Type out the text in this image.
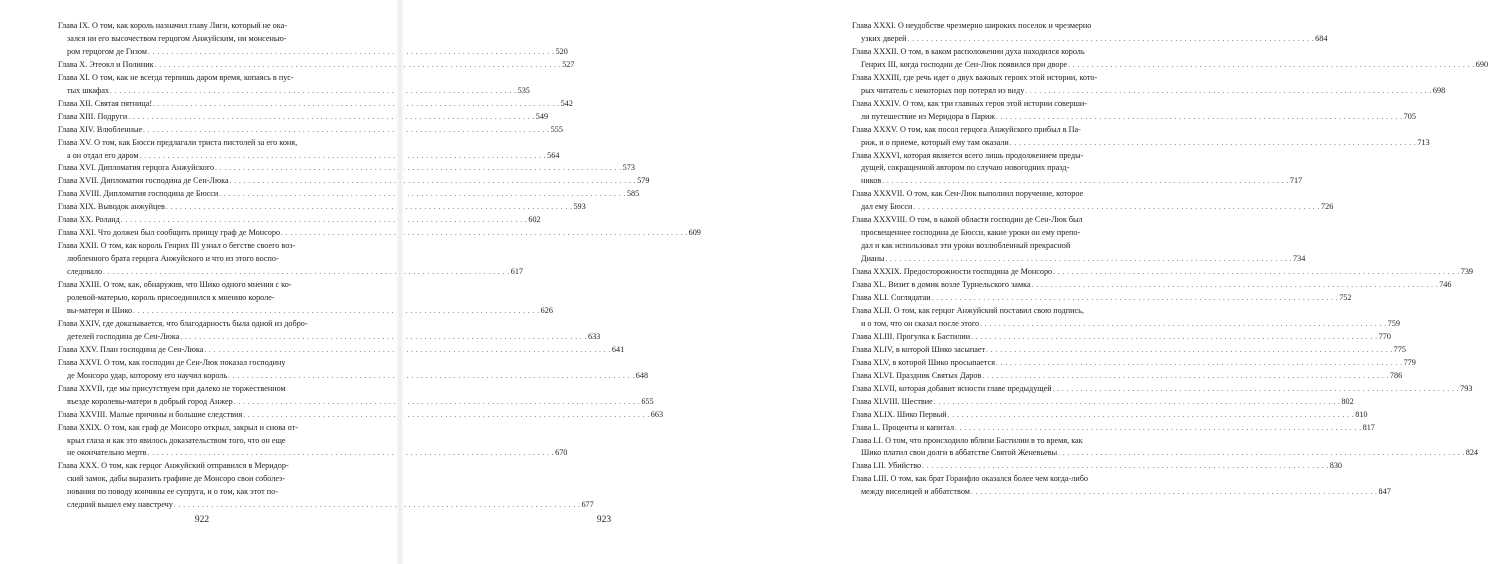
Глава IX. О том, как король назначил главу Лиги, который не ока-
зался ни его высочеством герцогом Анжуйским, ни монсенью-
ром герцогом де Гизом . . .	520
Глава X. Этеокл и Полиник . . .	527
Глава XI. О том, как не всегда терпишь даром время, копаясь в пус-
тых шкафах . . .	535
Глава XII. Святая пятница! . . .	542
Глава XIII. Подруги . . .	549
Глава XIV. Влюбленные . . .	555
Глава XV. О том, как Бюсси предлагали триста пистолей за его коня,
а он отдал его даром . . .	564
Глава XVI. Дипломатия герцога Анжуйского . . .	573
Глава XVII. Дипломатия господина де Сен-Люка . . .	579
Глава XVIII. Дипломатия господина де Бюсси . . .	585
Глава XIX. Выводок анжуйцев . . .	593
Глава XX. Роланд . . .	602
Глава XXI. Что должен был сообщить принцу граф де Монсоро . . .	609
Глава XXII. О том, как король Генрих III узнал о бегстве своего воз-
любленного брата герцога Анжуйского и что из этого воспо-
следовало . . .	617
Глава XXIII. О том, как, обнаружив, что Шико одного мнения с ко-
ролевой-матерью, король присоединился к мнению короле-
вы-матери и Шико . . .	626
Глава XXIV, где доказывается, что благодарность была одной из добро-
детелей господина де Сен-Люка . . .	633
Глава XXV. План господина де Сен-Люка . . .	641
Глава XXVI. О том, как господин де Сен-Люк показал господину
де Монсоро удар, которому его научил король . . .	648
Глава XXVII, где мы присутствуем при далеко не торжественном
въезде королевы-матери в добрый город Анжер . . .	655
Глава XXVIII. Малые причины и большие следствия . . .	663
Глава XXIX. О том, как граф де Монсоро открыл, закрыл и снова от-
крыл глаза и как это явилось доказательством того, что он еще
не окончательно мертв . . .	670
Глава XXX. О том, как герцог Анжуйский отправился в Меридор-
ский замок, дабы выразить графине де Монсоро свои соболез-
нования по поводу кончины ее супруга, и о том, как этот по-
следний вышел ему навстречу . . .	677
922
Глава XXXI. О неудобстве чрезмерно широких поселок и чрезмерно
узких дверей . . .	684
Глава XXXII. О том, в каком расположении духа находился король
Генрих III, когда господин де Сен-Люк появился при дворе . . .	690
Глава XXXIII, где речь идет о двух важных героях этой истории, кото-
рых читатель с некоторых пор потерял из виду . . .	698
Глава XXXIV. О том, как три главных героя этой истории соверши-
ли путешествие из Меридора в Париж . . .	705
Глава XXXV. О том, как посол герцога Анжуйского прибыл в Па-
риж, и о приеме, который ему там оказали . . .	713
Глава XXXVI, которая является всего лишь продолжением преды-
дущей, сокращенной автором по случаю новогодних празд-
ников . . .	717
Глава XXXVII. О том, как Сен-Люк выполнил поручение, которое
дал ему Бюсси . . .	726
Глава XXXVIII. О том, в какой области господин де Сен-Люк был
просвещеннее господина де Бюсси, какие уроки он ему препо-
дал и как использовал эти уроки возлюбленный прекрасной
Дианы . . .	734
Глава XXXIX. Предосторожности господина де Монсоро . . .	739
Глава XL. Визит в домик возле Турнельского замка . . .	746
Глава XLI. Соглядатаи . . .	752
Глава XLII. О том, как герцог Анжуйский поставил свою подпись,
и о том, что он сказал после этого . . .	759
Глава XLIII. Прогулка к Бастилии . . .	770
Глава XLIV, в которой Шико засыпает . . .	775
Глава XLV, в которой Шико просыпается . . .	779
Глава XLVI. Праздник Святых Даров . . .	786
Глава XLVII, которая добавит ясности главе предыдущей . . .	793
Глава XLVIII. Шествие . . .	802
Глава XLIX. Шико Первый . . .	810
Глава L. Проценты и капитал . . .	817
Глава LI. О том, что происходило вблизи Бастилии в то время, как
Шико платил свои долги в аббатстве Святой Женевьевы . . .	824
Глава LII. Убийство . . .	830
Глава LIII. О том, как брат Горанфло оказался более чем когда-либо
между виселицей и аббатством . . .	847
923
